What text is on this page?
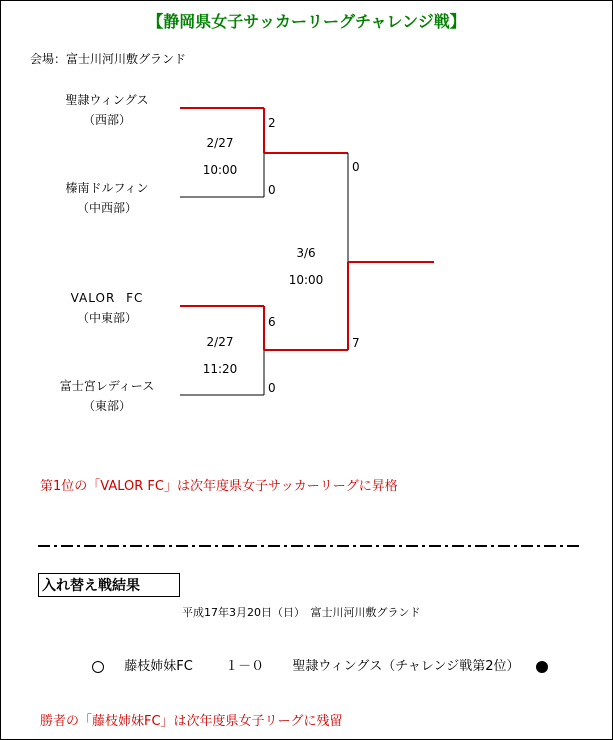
【静岡県女子サッカーリーグチャレンジ戦】
会場：富士川河川敷グランド
聖隷ウィングス
（西部）
榛南ドルフィン
（中西部）
VALOR FC
（中東部）
富士宮レディース
（東部）
2/27
10:00
2
0
2/27
11:20
6
0
3/6
10:00
0
7
第1位の「VALOR FC」は次年度県女子サッカーリーグに昇格
入れ替え戦結果
平成17年3月20日（日）　富士川河川敷グランド
藤枝姉妹FC １－０ 聖隷ウィングス（チャレンジ戦第2位）
勝者の「藤枝姉妹FC」は次年度県女子リーグに残留
